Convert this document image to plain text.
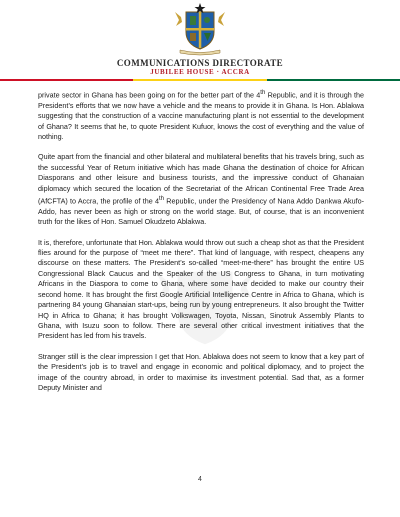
COMMUNICATIONS DIRECTORATE
JUBILEE HOUSE · ACCRA

private sector in Ghana has been going on for the better part of the 4th Republic, and it is through the President’s efforts that we now have a vehicle and the means to provide it in Ghana. Is Hon. Ablakwa suggesting that the construction of a vaccine manufacturing plant is not essential to the development of Ghana? It seems that he, to quote President Kufuor, knows the cost of everything and the value of nothing.

Quite apart from the financial and other bilateral and multilateral benefits that his travels bring, such as the successful Year of Return initiative which has made Ghana the destination of choice for African Diasporans and other leisure and business tourists, and the impressive conduct of Ghanaian diplomacy which secured the location of the Secretariat of the African Continental Free Trade Area (AfCFTA) to Accra, the profile of the 4th Republic, under the Presidency of Nana Addo Dankwa Akufo-Addo, has never been as high or strong on the world stage. But, of course, that is an inconvenient truth for the likes of Hon. Samuel Okudzeto Ablakwa.

It is, therefore, unfortunate that Hon. Ablakwa would throw out such a cheap shot as that the President flies around for the purpose of “meet me there”. That kind of language, with respect, cheapens any discourse on these matters. The President’s so-called “meet-me-there” has brought the entire US Congressional Black Caucus and the Speaker of the US Congress to Ghana, in turn motivating Africans in the Diaspora to come to Ghana, where some have decided to make our country their second home. It has brought the first Google Artificial Intelligence Centre in Africa to Ghana, which is partnering 84 young Ghanaian start-ups, being run by young entrepreneurs. It also brought the Twitter HQ in Africa to Ghana; it has brought Volkswagen, Toyota, Nissan, Sinotruk Assembly Plants to Ghana, with Isuzu soon to follow. There are several other critical investment initiatives that the President has led from his travels.

Stranger still is the clear impression I get that Hon. Ablakwa does not seem to know that a key part of the President’s job is to travel and engage in economic and political diplomacy, and to project the image of the country abroad, in order to maximise its investment potential. Sad that, as a former Deputy Minister and

4
